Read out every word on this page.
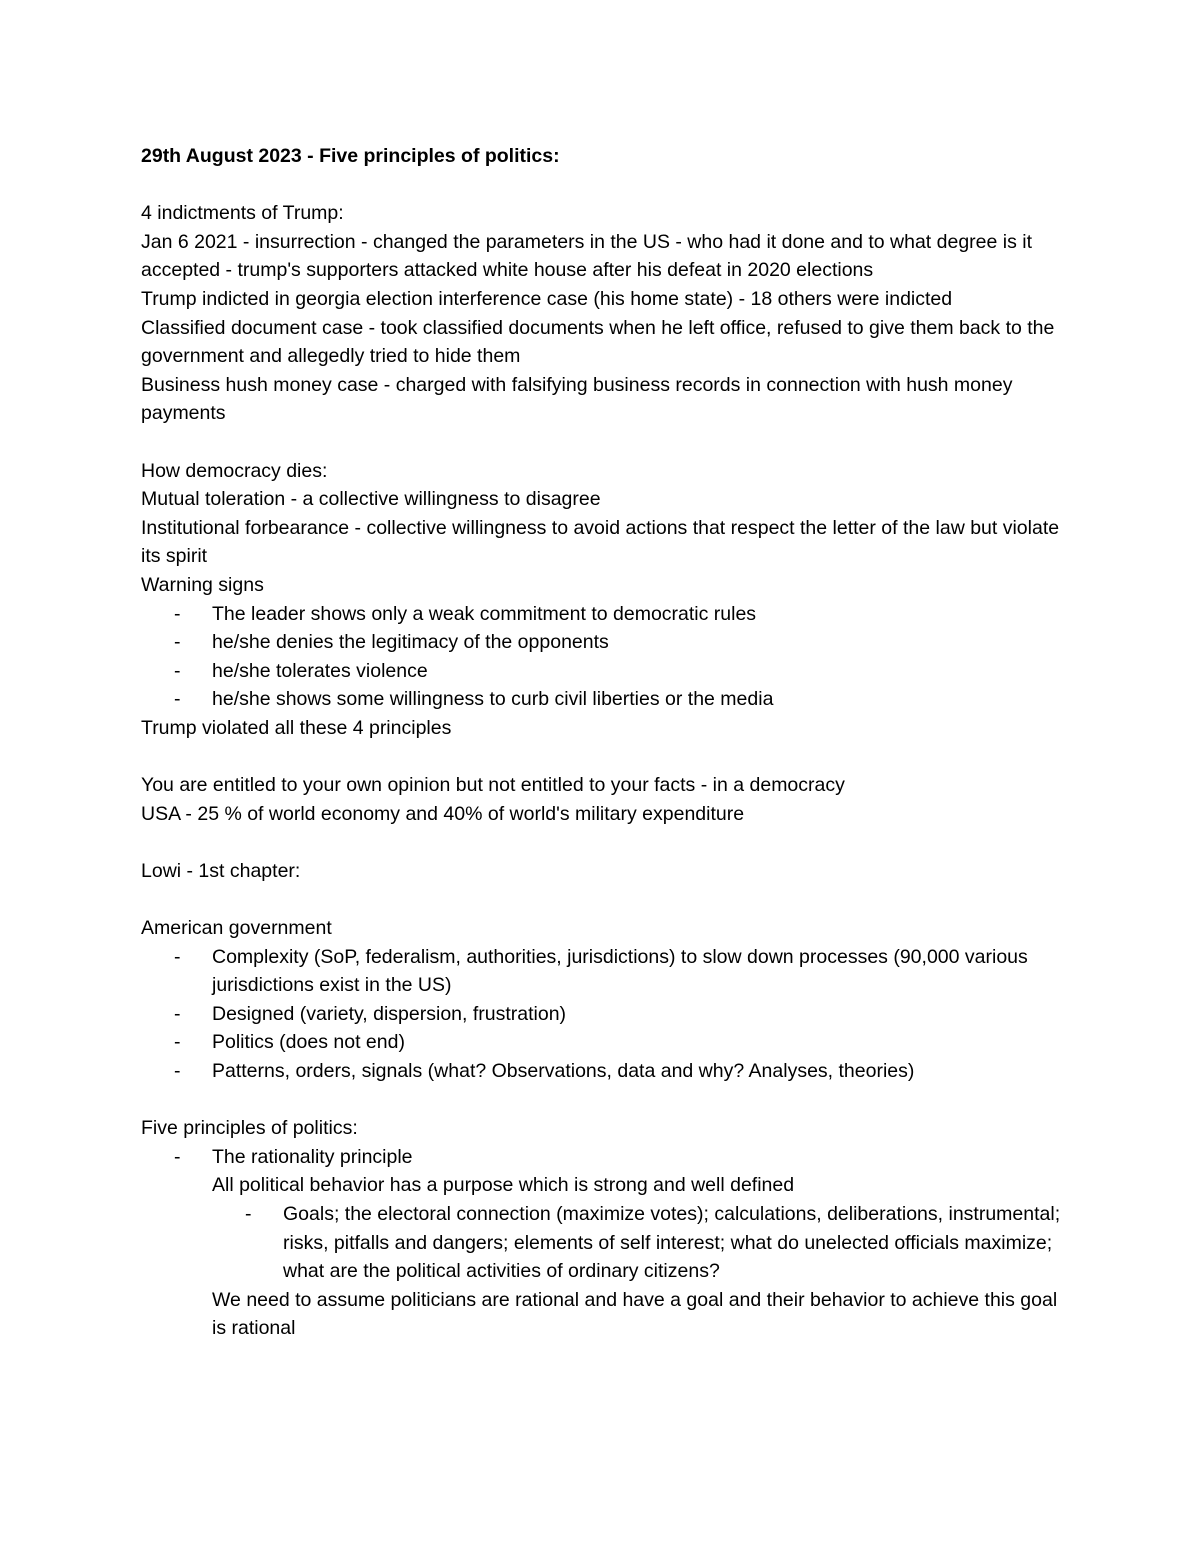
29th August 2023 - Five principles of politics:

4 indictments of Trump:

Jan 6 2021 - insurrection - changed the parameters in the US - who had it done and to what degree is it accepted - trump's supporters attacked white house after his defeat in 2020 elections

Trump indicted in georgia election interference case (his home state) - 18 others were indicted

Classified document case - took classified documents when he left office, refused to give them back to the government and allegedly tried to hide them

Business hush money case - charged with falsifying business records in connection with hush money payments

How democracy dies:

Mutual toleration - a collective willingness to disagree

Institutional forbearance - collective willingness to avoid actions that respect the letter of the law but violate its spirit

Warning signs

- The leader shows only a weak commitment to democratic rules
- he/she denies the legitimacy of the opponents
- he/she tolerates violence
- he/she shows some willingness to curb civil liberties or the media

Trump violated all these 4 principles

You are entitled to your own opinion but not entitled to your facts - in a democracy

USA - 25 % of world economy and 40% of world's military expenditure

Lowi - 1st chapter:

American government

- Complexity (SoP, federalism, authorities, jurisdictions) to slow down processes (90,000 various jurisdictions exist in the US)
- Designed (variety, dispersion, frustration)
- Politics (does not end)
- Patterns, orders, signals (what? Observations, data and why? Analyses, theories)

Five principles of politics:

- The rationality principle

All political behavior has a purpose which is strong and well defined

- Goals; the electoral connection (maximize votes); calculations, deliberations, instrumental; risks, pitfalls and dangers; elements of self interest; what do unelected officials maximize; what are the political activities of ordinary citizens?

We need to assume politicians are rational and have a goal and their behavior to achieve this goal is rational
